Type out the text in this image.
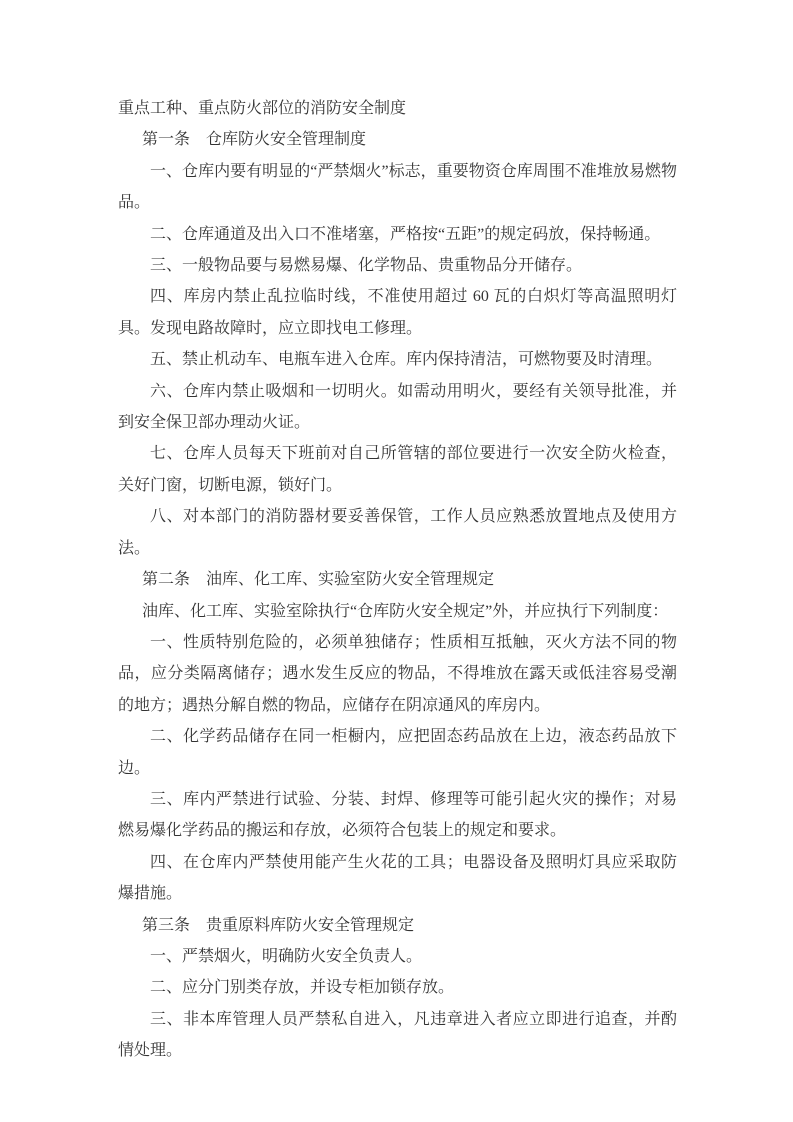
重点工种、重点防火部位的消防安全制度

第一条　仓库防火安全管理制度

一、仓库内要有明显的“严禁烟火”标志，重要物资仓库周围不准堆放易燃物品。

二、仓库通道及出入口不准堵塞，严格按“五距”的规定码放，保持畅通。

三、一般物品要与易燃易爆、化学物品、贵重物品分开储存。

四、库房内禁止乱拉临时线，不准使用超过 60 瓦的白炽灯等高温照明灯具。发现电路故障时，应立即找电工修理。

五、禁止机动车、电瓶车进入仓库。库内保持清洁，可燃物要及时清理。

六、仓库内禁止吸烟和一切明火。如需动用明火，要经有关领导批准，并到安全保卫部办理动火证。

七、仓库人员每天下班前对自己所管辖的部位要进行一次安全防火检查，关好门窗，切断电源，锁好门。

八、对本部门的消防器材要妥善保管，工作人员应熟悉放置地点及使用方法。

第二条　油库、化工库、实验室防火安全管理规定

油库、化工库、实验室除执行“仓库防火安全规定”外，并应执行下列制度：

一、性质特别危险的，必须单独储存；性质相互抵触，灭火方法不同的物品，应分类隔离储存；遇水发生反应的物品，不得堆放在露天或低洼容易受潮的地方；遇热分解自燃的物品，应储存在阴凉通风的库房内。

二、化学药品储存在同一柜橱内，应把固态药品放在上边，液态药品放下边。

三、库内严禁进行试验、分装、封焊、修理等可能引起火灾的操作；对易燃易爆化学药品的搬运和存放，必须符合包装上的规定和要求。

四、在仓库内严禁使用能产生火花的工具；电器设备及照明灯具应采取防爆措施。

第三条　贵重原料库防火安全管理规定

一、严禁烟火，明确防火安全负责人。

二、应分门别类存放，并设专柜加锁存放。

三、非本库管理人员严禁私自进入，凡违章进入者应立即进行追查，并酌情处理。
